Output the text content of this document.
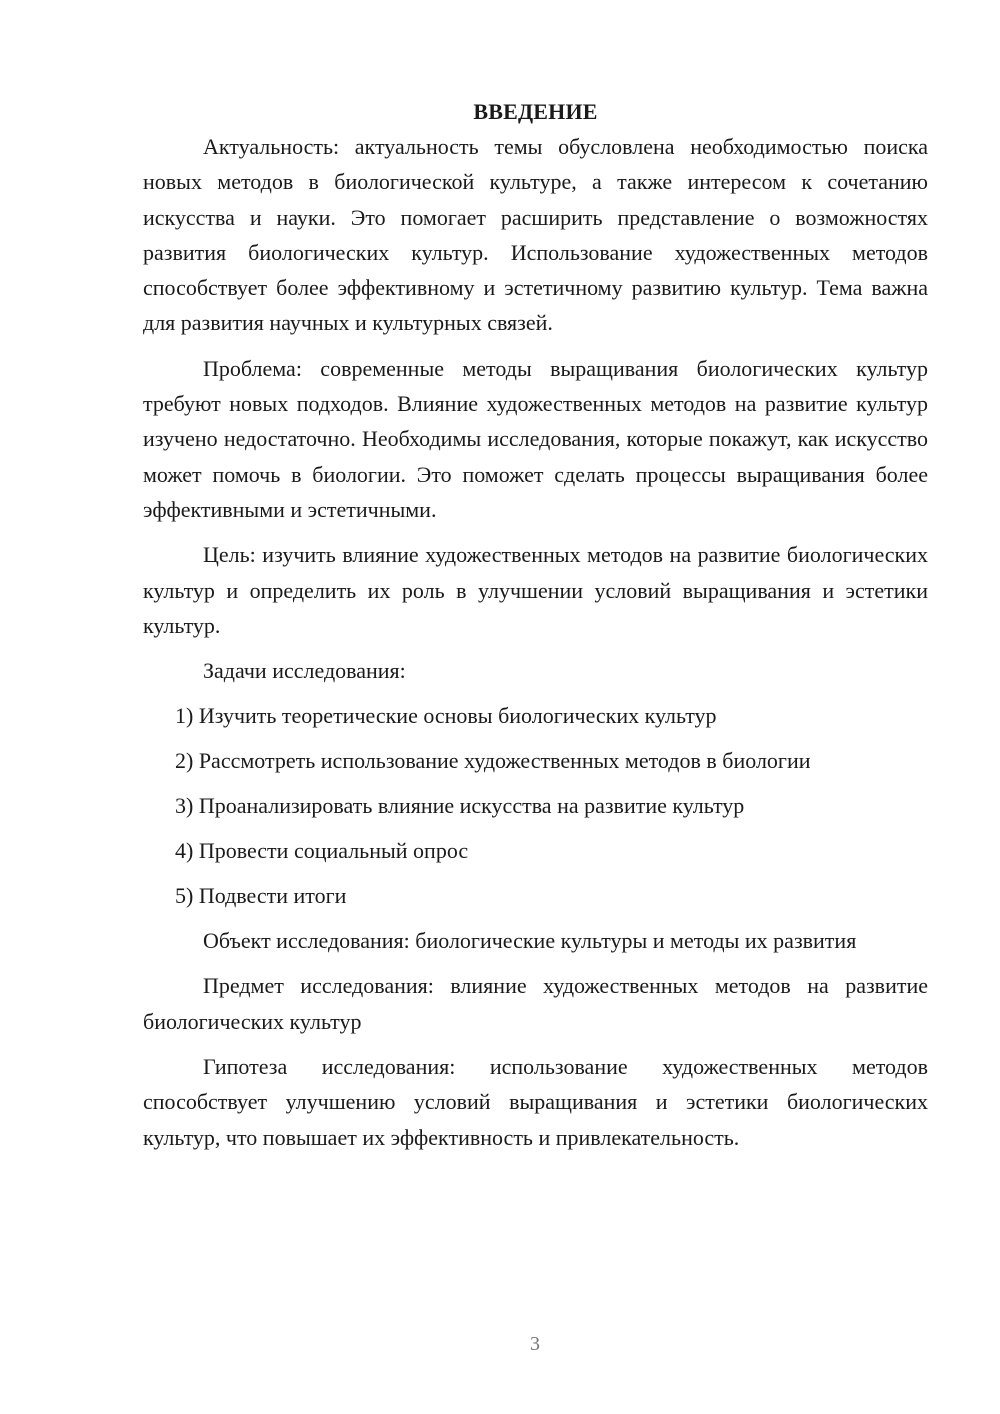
ВВЕДЕНИЕ

Актуальность: актуальность темы обусловлена необходимостью поиска новых методов в биологической культуре, а также интересом к сочетанию искусства и науки. Это помогает расширить представление о возможностях развития биологических культур. Использование художественных методов способствует более эффективному и эстетичному развитию культур. Тема важна для развития научных и культурных связей.

Проблема: современные методы выращивания биологических культур требуют новых подходов. Влияние художественных методов на развитие культур изучено недостаточно. Необходимы исследования, которые покажут, как искусство может помочь в биологии. Это поможет сделать процессы выращивания более эффективными и эстетичными.

Цель: изучить влияние художественных методов на развитие биологических культур и определить их роль в улучшении условий выращивания и эстетики культур.

Задачи исследования:
1) Изучить теоретические основы биологических культур
2) Рассмотреть использование художественных методов в биологии
3) Проанализировать влияние искусства на развитие культур
4) Провести социальный опрос
5) Подвести итоги

Объект исследования: биологические культуры и методы их развития

Предмет исследования: влияние художественных методов на развитие биологических культур

Гипотеза исследования: использование художественных методов способствует улучшению условий выращивания и эстетики биологических культур, что повышает их эффективность и привлекательность.

3
